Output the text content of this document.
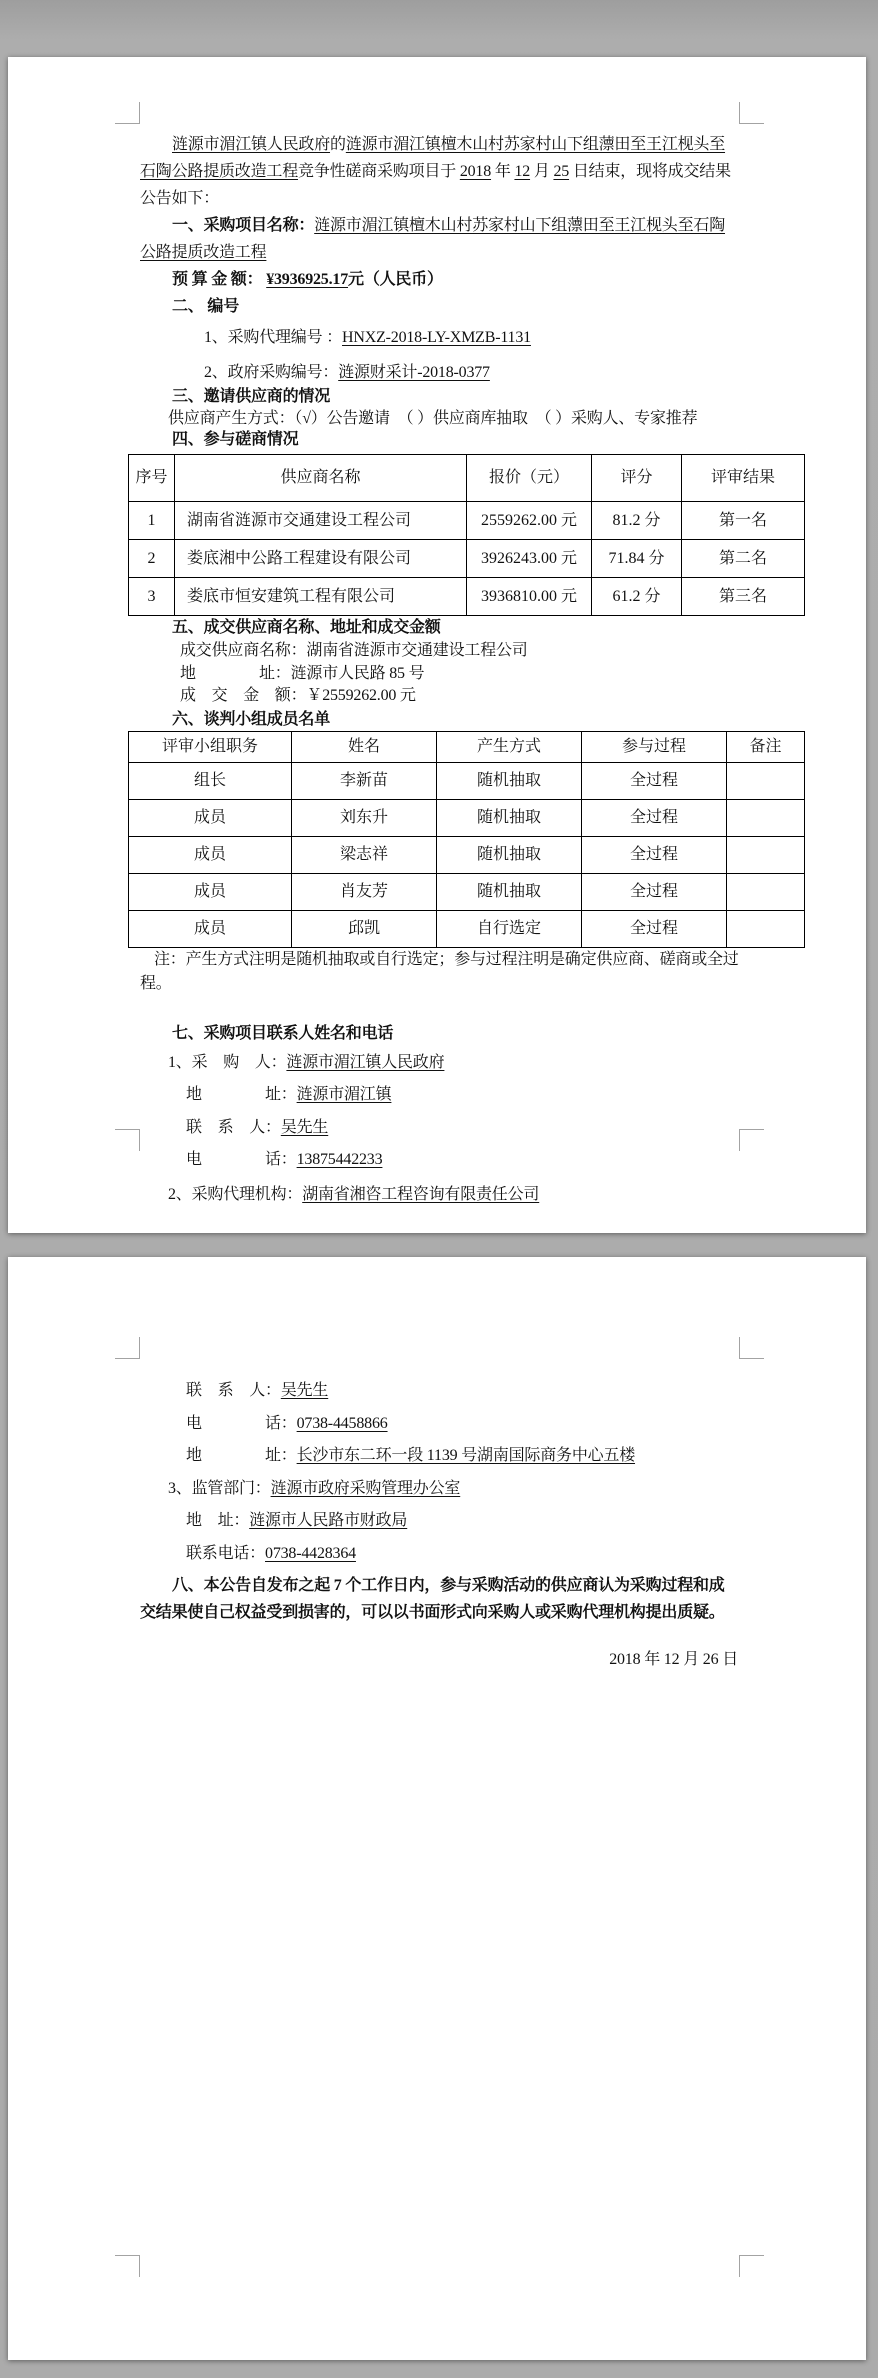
涟源市湄江镇人民政府的涟源市湄江镇檀木山村苏家村山下组薸田至王江枧头至石陶公路提质改造工程竞争性磋商采购项目于 2018 年 12 月 25 日结束，现将成交结果公告如下：

一、采购项目名称：涟源市湄江镇檀木山村苏家村山下组薸田至王江枧头至石陶公路提质改造工程

预 算 金 额： ¥3936925.17元（人民币）

二、 编号

1、采购代理编号 ：HNXZ-2018-LY-XMZB-1131

2、政府采购编号：涟源财采计-2018-0377

三、邀请供应商的情况

供应商产生方式：（√）公告邀请　（ ）供应商库抽取　（ ）采购人、专家推荐

四、参与磋商情况

序号	供应商名称	报价（元）	评分	评审结果
1	湖南省涟源市交通建设工程公司	2559262.00 元	81.2 分	第一名
2	娄底湘中公路工程建设有限公司	3926243.00 元	71.84 分	第二名
3	娄底市恒安建筑工程有限公司	3936810.00 元	61.2 分	第三名

五、成交供应商名称、地址和成交金额

成交供应商名称：湖南省涟源市交通建设工程公司

地　　　　址：涟源市人民路 85 号

成　交　金　额：￥2559262.00 元

六、谈判小组成员名单

评审小组职务	姓名	产生方式	参与过程	备注
组长	李新苗	随机抽取	全过程	
成员	刘东升	随机抽取	全过程	
成员	梁志祥	随机抽取	全过程	
成员	肖友芳	随机抽取	全过程	
成员	邱凯	自行选定	全过程	

注：产生方式注明是随机抽取或自行选定；参与过程注明是确定供应商、磋商或全过程。

七、采购项目联系人姓名和电话

1、采　购　人：涟源市湄江镇人民政府

地　　　　址：涟源市湄江镇

联　系　人：吴先生

电　　　　话：13875442233

2、采购代理机构：湖南省湘咨工程咨询有限责任公司

联　系　人：吴先生

电　　　　话：0738-4458866

地　　　　址：长沙市东二环一段 1139 号湖南国际商务中心五楼

3、监管部门：涟源市政府采购管理办公室

地　址：涟源市人民路市财政局

联系电话：0738-4428364

八、本公告自发布之起 7 个工作日内，参与采购活动的供应商认为采购过程和成交结果使自己权益受到损害的，可以以书面形式向采购人或采购代理机构提出质疑。

2018 年 12 月 26 日
